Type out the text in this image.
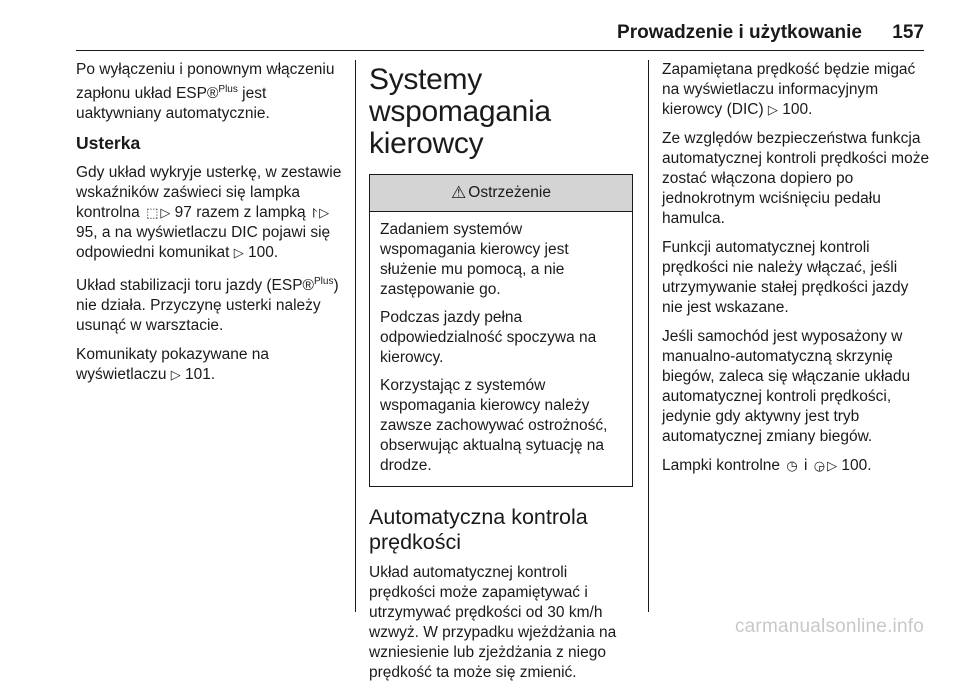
Prowadzenie i użytkowanie 157

Po wyłączeniu i ponownym włączeniu zapłonu układ ESP®$^{Plus}$ jest uaktywniany automatycznie.

Usterka

Gdy układ wykryje usterkę, w zestawie wskaźników zaświeci się lampka kontrolna ⬚ ▷ 97 razem z lampką ⨡ ▷ 95, a na wyświetlaczu DIC pojawi się odpowiedni komunikat ▷ 100.

Układ stabilizacji toru jazdy (ESP®$^{Plus}$) nie działa. Przyczynę usterki należy usunąć w warsztacie.

Komunikaty pokazywane na wyświetlaczu ▷ 101.

Systemy wspomagania kierowcy
⚠ Ostrzeżenie

Zadaniem systemów wspomagania kierowcy jest służenie mu pomocą, a nie zastępowanie go.

Podczas jazdy pełna odpowiedzialność spoczywa na kierowcy.

Korzystając z systemów wspomagania kierowcy należy zawsze zachowywać ostrożność, obserwując aktualną sytuację na drodze.

Automatyczna kontrola prędkości

Układ automatycznej kontroli prędkości może zapamiętywać i utrzymywać prędkości od 30 km/h wzwyż. W przypadku wjeżdżania na wzniesienie lub zjeżdżania z niego prędkość ta może się zmienić.

Zapamiętana prędkość będzie migać na wyświetlaczu informacyjnym kierowcy (DIC) ▷ 100.

Ze względów bezpieczeństwa funkcja automatycznej kontroli prędkości może zostać włączona dopiero po jednokrotnym wciśnięciu pedału hamulca.

Funkcji automatycznej kontroli prędkości nie należy włączać, jeśli utrzymywanie stałej prędkości jazdy nie jest wskazane.

Jeśli samochód jest wyposażony w manualno-automatyczną skrzynię biegów, zaleca się włączanie układu automatycznej kontroli prędkości, jedynie gdy aktywny jest tryb automatycznej zmiany biegów.

Lampki kontrolne ◷ i ◶ ▷ 100.

carmanualsonline.info
